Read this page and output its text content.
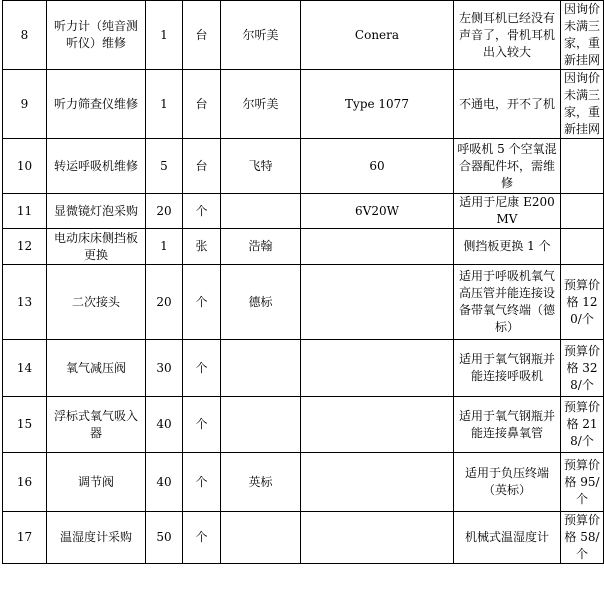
8	听力计（纯音测听仪）维修	1	台	尔听美	Conera	左侧耳机已经没有声音了，骨机耳机出入较大	因询价未满三家，重新挂网
9	听力筛查仪维修	1	台	尔听美	Type 1077	不通电，开不了机	因询价未满三家，重新挂网
10	转运呼吸机维修	5	台	飞特	60	呼吸机 5 个空氧混合器配件坏，需维修	
11	显微镜灯泡采购	20	个		6V20W	适用于尼康 E200MV	
12	电动床床侧挡板更换	1	张	浩翰		侧挡板更换 1 个	
13	二次接头	20	个	德标		适用于呼吸机氧气高压管并能连接设备带氧气终端（德标）	预算价格 120/个
14	氧气减压阀	30	个			适用于氧气钢瓶并能连接呼吸机	预算价格 328/个
15	浮标式氧气吸入器	40	个			适用于氧气钢瓶并能连接鼻氧管	预算价格 218/个
16	调节阀	40	个	英标		适用于负压终端（英标）	预算价格 95/个
17	温湿度计采购	50	个			机械式温湿度计	预算价格 58/个
